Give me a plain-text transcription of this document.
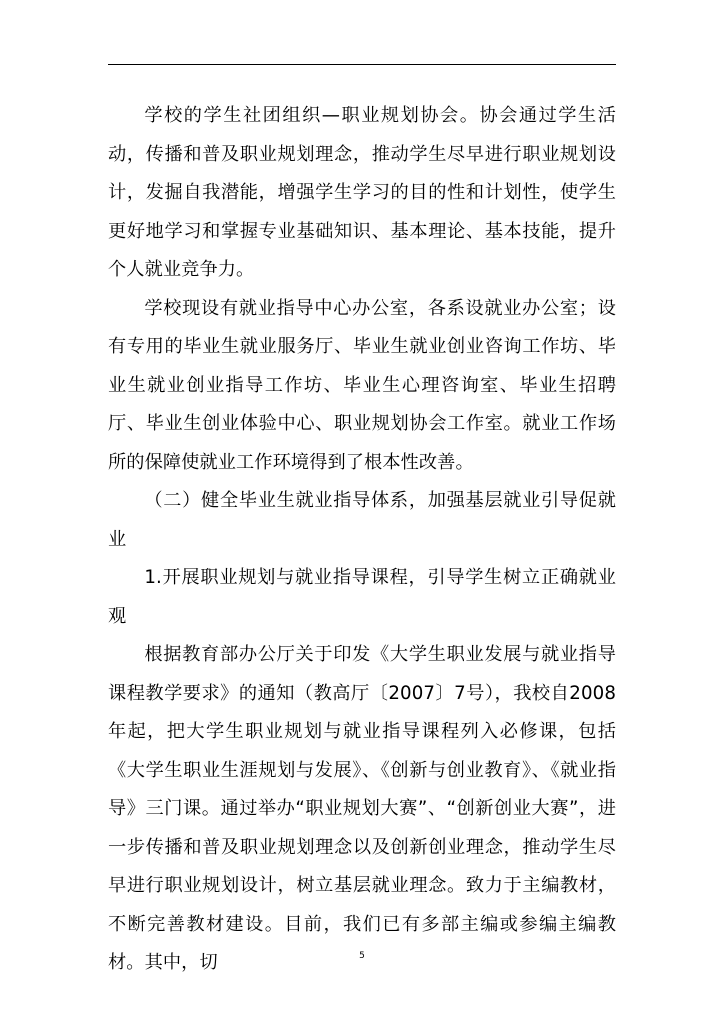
学校的学生社团组织—职业规划协会。协会通过学生活动，传播和普及职业规划理念，推动学生尽早进行职业规划设计，发掘自我潜能，增强学生学习的目的性和计划性，使学生更好地学习和掌握专业基础知识、基本理论、基本技能，提升个人就业竞争力。

学校现设有就业指导中心办公室，各系设就业办公室；设有专用的毕业生就业服务厅、毕业生就业创业咨询工作坊、毕业生就业创业指导工作坊、毕业生心理咨询室、毕业生招聘厅、毕业生创业体验中心、职业规划协会工作室。就业工作场所的保障使就业工作环境得到了根本性改善。

（二）健全毕业生就业指导体系，加强基层就业引导促就业

1.开展职业规划与就业指导课程，引导学生树立正确就业观

根据教育部办公厅关于印发《大学生职业发展与就业指导课程教学要求》的通知（教高厅〔2007〕7号），我校自2008年起，把大学生职业规划与就业指导课程列入必修课，包括《大学生职业生涯规划与发展》、《创新与创业教育》、《就业指导》三门课。通过举办“职业规划大赛”、“创新创业大赛”，进一步传播和普及职业规划理念以及创新创业理念，推动学生尽早进行职业规划设计，树立基层就业理念。致力于主编教材，不断完善教材建设。目前，我们已有多部主编或参编主编教材。其中，切	5
